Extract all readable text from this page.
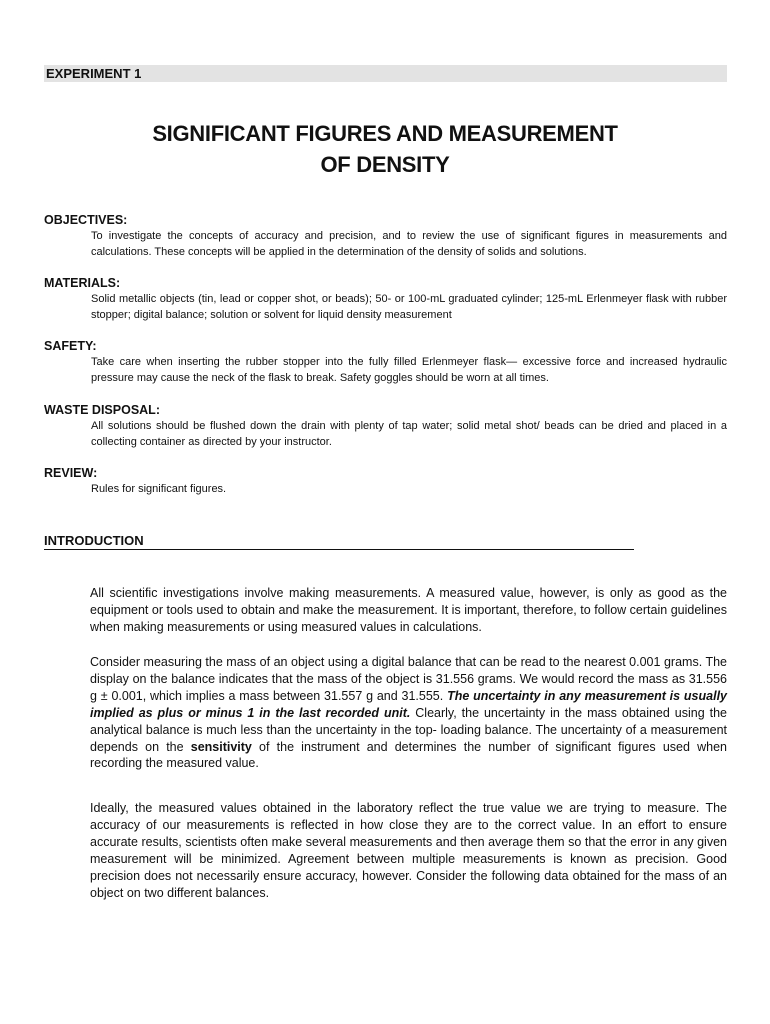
EXPERIMENT 1
SIGNIFICANT FIGURES AND MEASUREMENT
OF DENSITY

OBJECTIVES:

To investigate the concepts of accuracy and precision, and to review the use of significant figures in measurements and calculations. These concepts will be applied in the determination of the density of solids and solutions.

MATERIALS:

Solid metallic objects (tin, lead or copper shot, or beads); 50- or 100-mL graduated cylinder; 125-mL Erlenmeyer flask with rubber stopper; digital balance; solution or solvent for liquid density measurement

SAFETY:

Take care when inserting the rubber stopper into the fully filled Erlenmeyer flask— excessive force and increased hydraulic pressure may cause the neck of the flask to break. Safety goggles should be worn at all times.

WASTE DISPOSAL:

All solutions should be flushed down the drain with plenty of tap water; solid metal shot/ beads can be dried and placed in a collecting container as directed by your instructor.

REVIEW:

Rules for significant figures.

INTRODUCTION

All scientific investigations involve making measurements. A measured value, however, is only as good as the equipment or tools used to obtain and make the measurement. It is important, therefore, to follow certain guidelines when making measurements or using measured values in calculations.

Consider measuring the mass of an object using a digital balance that can be read to the nearest 0.001 grams. The display on the balance indicates that the mass of the object is 31.556 grams. We would record the mass as 31.556 g ± 0.001, which implies a mass between 31.557 g and 31.555. The uncertainty in any measurement is usually implied as plus or minus 1 in the last recorded unit. Clearly, the uncertainty in the mass obtained using the analytical balance is much less than the uncertainty in the top- loading balance. The uncertainty of a measurement depends on the sensitivity of the instrument and determines the number of significant figures used when recording the measured value.

Ideally, the measured values obtained in the laboratory reflect the true value we are trying to measure. The accuracy of our measurements is reflected in how close they are to the correct value. In an effort to ensure accurate results, scientists often make several measurements and then average them so that the error in any given measurement will be minimized. Agreement between multiple measurements is known as precision. Good precision does not necessarily ensure accuracy, however. Consider the following data obtained for the mass of an object on two different balances.
